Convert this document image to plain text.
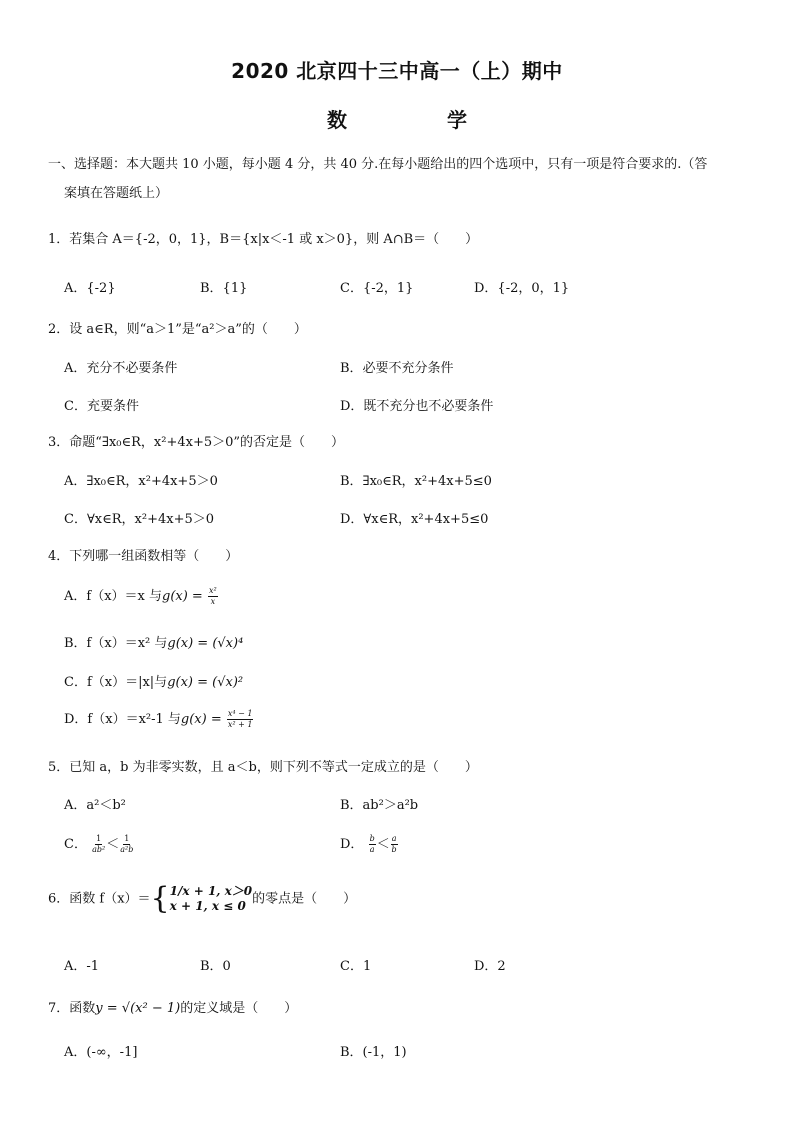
2020 北京四十三中高一（上）期中
数　学
一、选择题：本大题共 10 小题，每小题 4 分，共 40 分.在每小题给出的四个选项中，只有一项是符合要求的.（答
案填在答题纸上）
1．若集合 A＝{-2，0，1}，B＝{x|x＜-1 或 x＞0}，则 A∩B＝（　　）
A．{-2}	B．{1}	C．{-2，1}	D．{-2，0，1}
2．设 a∈R，则“a＞1”是“a²＞a”的（　　）
A．充分不必要条件	B．必要不充分条件
C．充要条件	D．既不充分也不必要条件
3．命题“∃x₀∈R，x²+4x+5＞0”的否定是（　　）
A．∃x₀∈R，x²+4x+5＞0	B．∃x₀∈R，x²+4x+5≤0
C．∀x∈R，x²+4x+5＞0	D．∀x∈R，x²+4x+5≤0
4．下列哪一组函数相等（　　）
A．f（x）＝x 与$g(x) = \frac{\text{x²}}{x}$
B．f（x）＝x² 与g(x) = (√x)⁴
C．f（x）＝|x|与g(x) = (√x)²
D．f（x）＝x²-1 与$g(x) = \frac{\text{x⁴ − 1}}{\text{x² + 1}}$
5．已知 a，b 为非零实数，且 a＜b，则下列不等式一定成立的是（　　）
A．a²＜b²	B．ab²＞a²b
C． $\frac{1}{\text{ab²}} < \frac{1}{\text{a²b}}$	D． $\frac{b}{a} < \frac{a}{b}$
6．函数 f（x）＝{ 1/x + 1, x＞0
x + 1, x ≤ 0 的零点是（　　）
A．-1	B．0	C．1	D．2
7．函数y = √(x² − 1)的定义域是（　　）
A．(-∞，-1]	B．(-1，1)
